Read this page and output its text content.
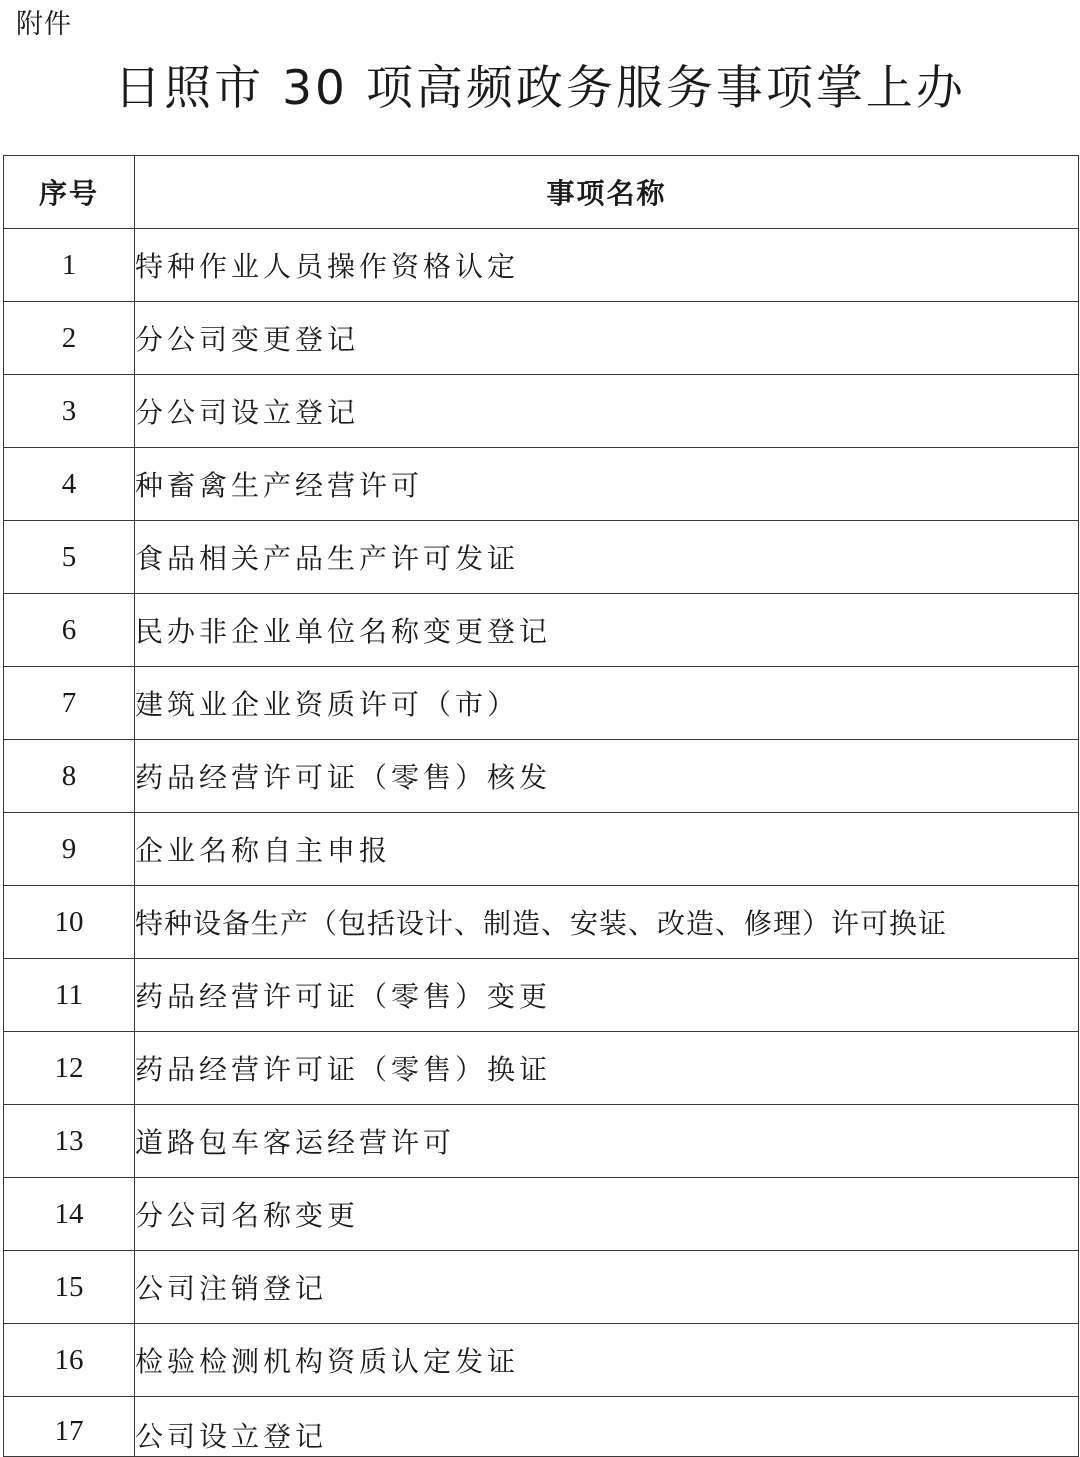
附件
日照市 30 项高频政务服务事项掌上办
序号	事项名称
1	特种作业人员操作资格认定
2	分公司变更登记
3	分公司设立登记
4	种畜禽生产经营许可
5	食品相关产品生产许可发证
6	民办非企业单位名称变更登记
7	建筑业企业资质许可（市）
8	药品经营许可证（零售）核发
9	企业名称自主申报
10	特种设备生产（包括设计、制造、安装、改造、修理）许可换证
11	药品经营许可证（零售）变更
12	药品经营许可证（零售）换证
13	道路包车客运经营许可
14	分公司名称变更
15	公司注销登记
16	检验检测机构资质认定发证
17	公司设立登记
